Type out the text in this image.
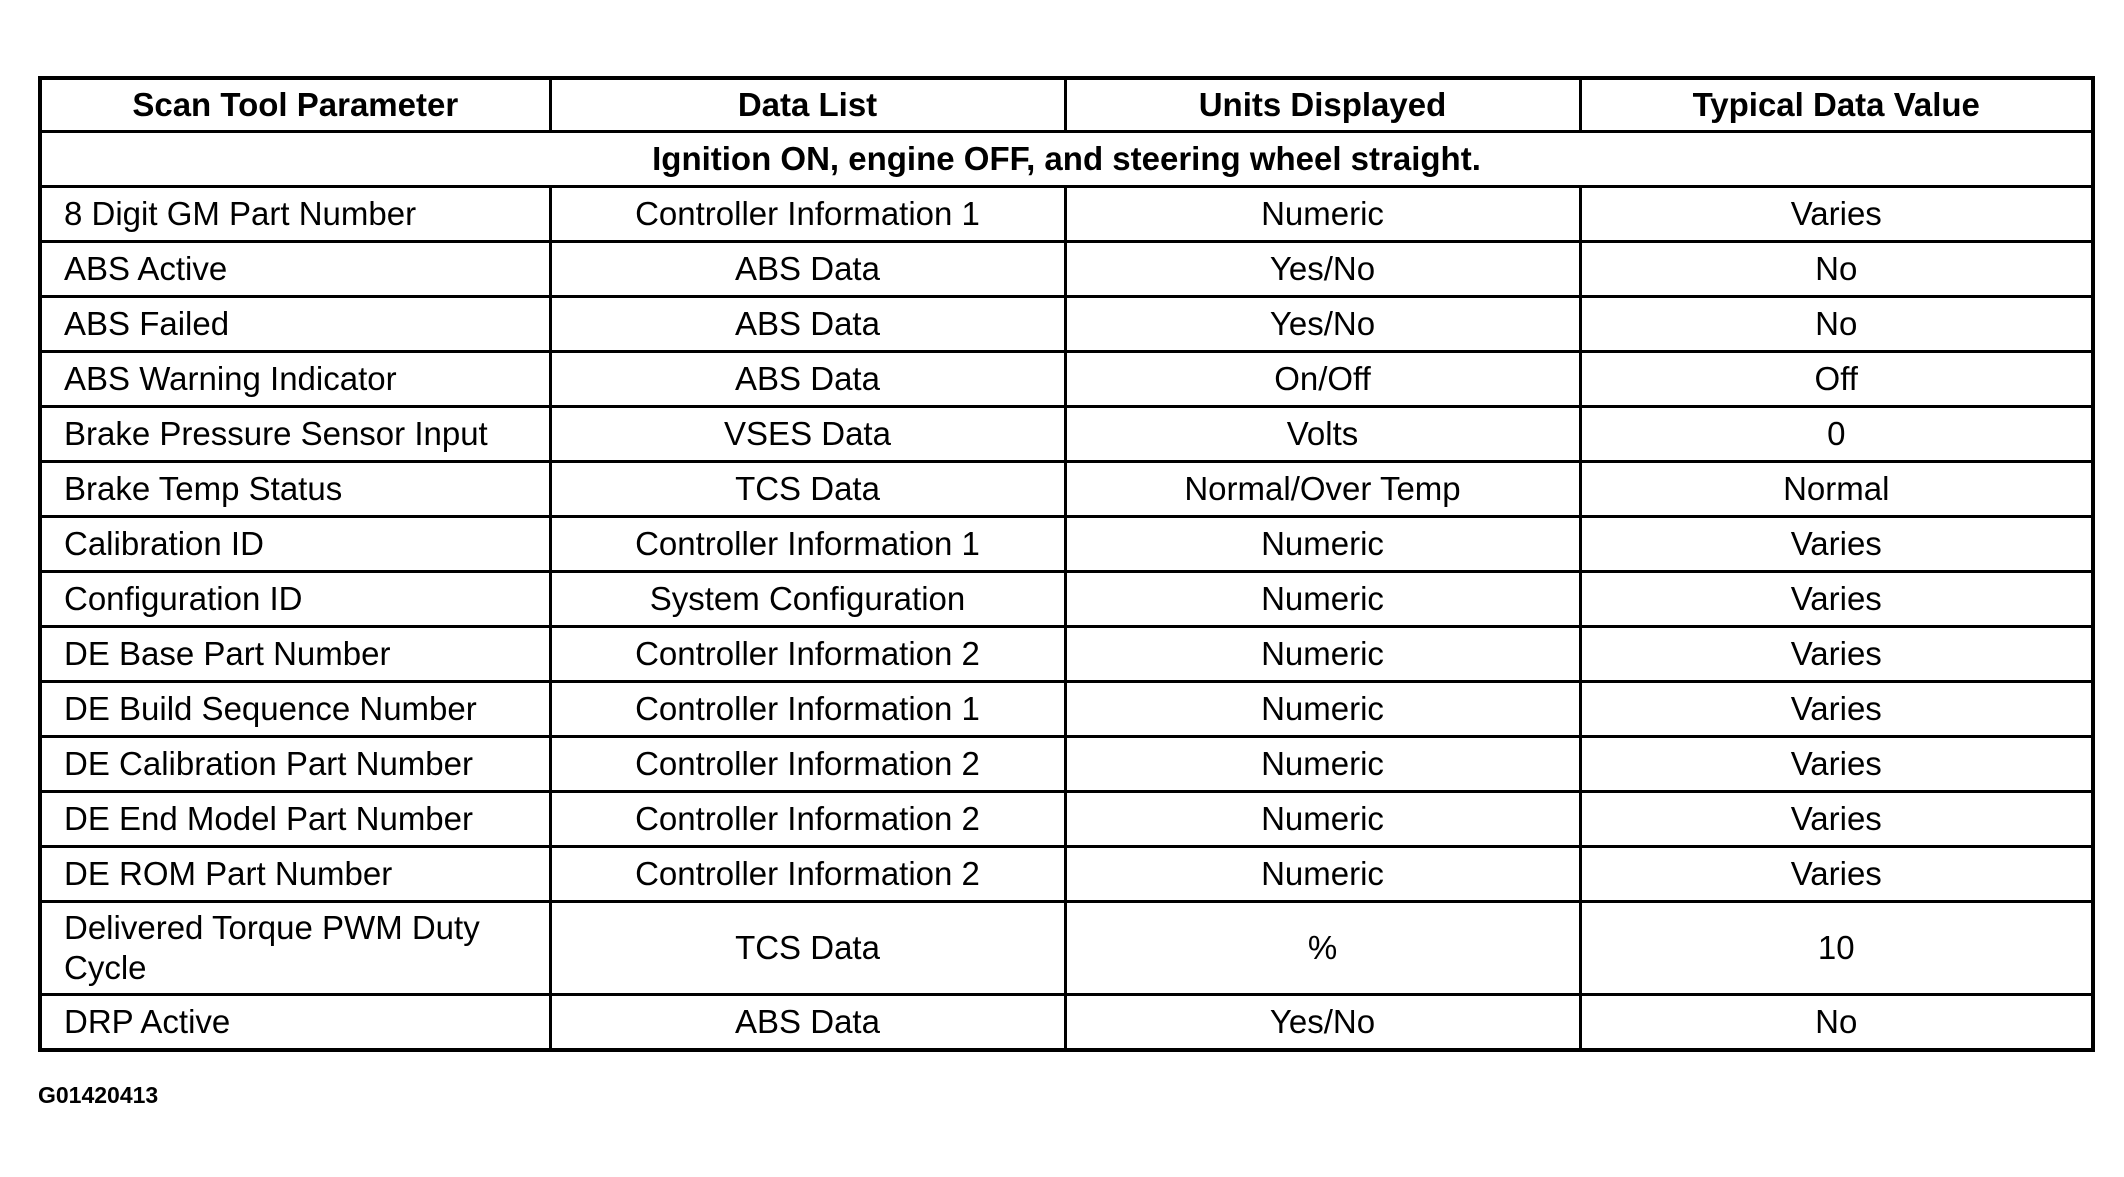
Scan Tool Parameter	Data List	Units Displayed	Typical Data Value
Ignition ON, engine OFF, and steering wheel straight.			
8 Digit GM Part Number	Controller Information 1	Numeric	Varies
ABS Active	ABS Data	Yes/No	No
ABS Failed	ABS Data	Yes/No	No
ABS Warning Indicator	ABS Data	On/Off	Off
Brake Pressure Sensor Input	VSES Data	Volts	0
Brake Temp Status	TCS Data	Normal/Over Temp	Normal
Calibration ID	Controller Information 1	Numeric	Varies
Configuration ID	System Configuration	Numeric	Varies
DE Base Part Number	Controller Information 2	Numeric	Varies
DE Build Sequence Number	Controller Information 1	Numeric	Varies
DE Calibration Part Number	Controller Information 2	Numeric	Varies
DE End Model Part Number	Controller Information 2	Numeric	Varies
DE ROM Part Number	Controller Information 2	Numeric	Varies
Delivered Torque PWM Duty Cycle	TCS Data	%	10
DRP Active	ABS Data	Yes/No	No
G01420413
